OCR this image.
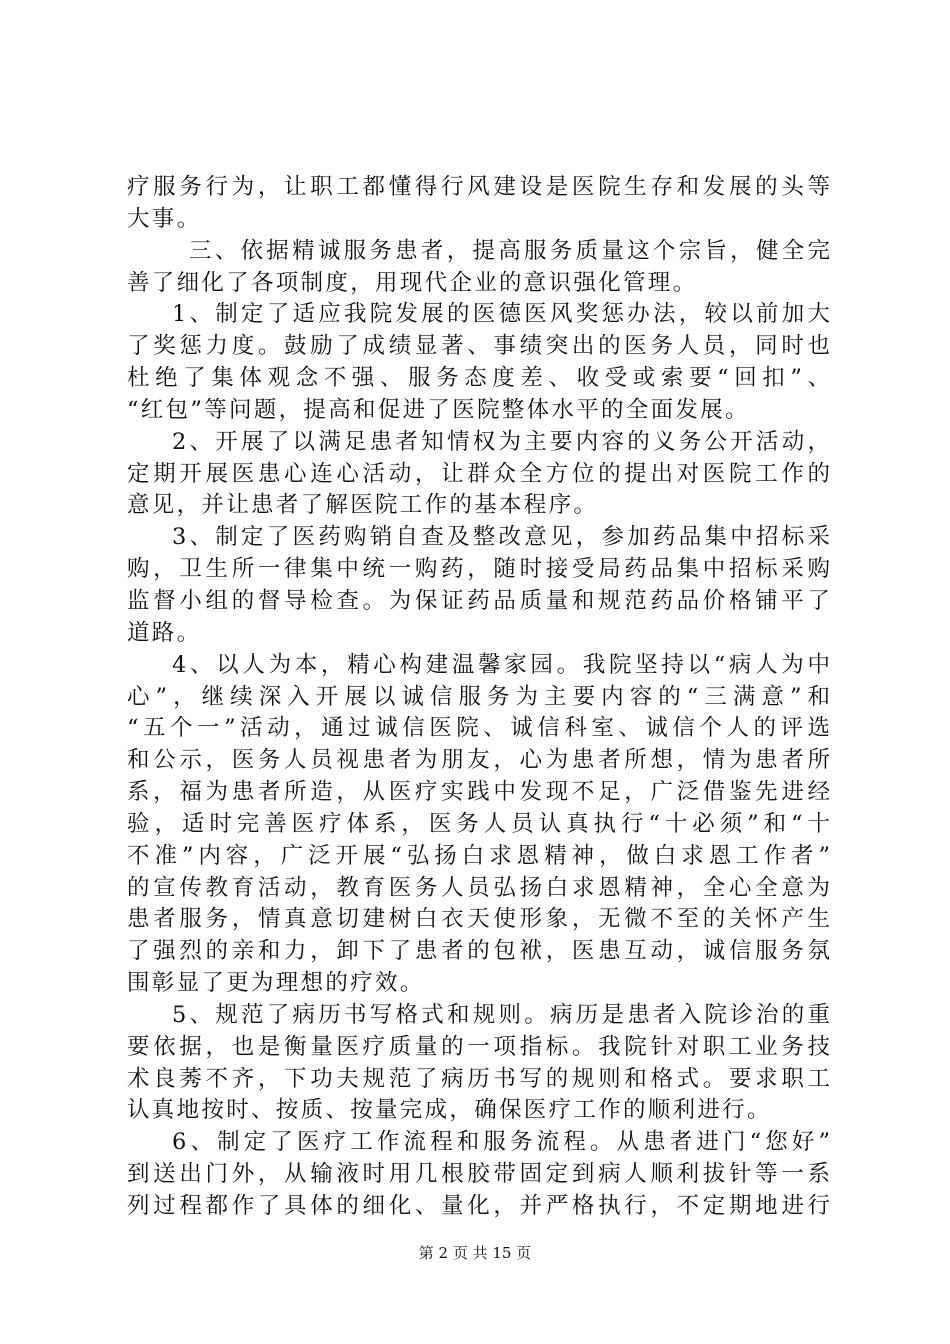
疗服务行为，让职工都懂得行风建设是医院生存和发展的头等
大事。
三、依据精诚服务患者，提高服务质量这个宗旨，健全完
善了细化了各项制度，用现代企业的意识强化管理。
1、制定了适应我院发展的医德医风奖惩办法，较以前加大
了奖惩力度。鼓励了成绩显著、事绩突出的医务人员，同时也
杜绝了集体观念不强、服务态度差、收受或索要“回扣”、
“红包”等问题，提高和促进了医院整体水平的全面发展。
2、开展了以满足患者知情权为主要内容的义务公开活动，
定期开展医患心连心活动，让群众全方位的提出对医院工作的
意见，并让患者了解医院工作的基本程序。
3、制定了医药购销自查及整改意见，参加药品集中招标采
购，卫生所一律集中统一购药，随时接受局药品集中招标采购
监督小组的督导检查。为保证药品质量和规范药品价格铺平了
道路。
4、以人为本，精心构建温馨家园。我院坚持以“病人为中
心”，继续深入开展以诚信服务为主要内容的“三满意”和
“五个一”活动，通过诚信医院、诚信科室、诚信个人的评选
和公示，医务人员视患者为朋友，心为患者所想，情为患者所
系，福为患者所造，从医疗实践中发现不足，广泛借鉴先进经
验，适时完善医疗体系，医务人员认真执行“十必须”和“十
不准”内容，广泛开展“弘扬白求恩精神，做白求恩工作者”
的宣传教育活动，教育医务人员弘扬白求恩精神，全心全意为
患者服务，情真意切建树白衣天使形象，无微不至的关怀产生
了强烈的亲和力，卸下了患者的包袱，医患互动，诚信服务氛
围彰显了更为理想的疗效。
5、规范了病历书写格式和规则。病历是患者入院诊治的重
要依据，也是衡量医疗质量的一项指标。我院针对职工业务技
术良莠不齐，下功夫规范了病历书写的规则和格式。要求职工
认真地按时、按质、按量完成，确保医疗工作的顺利进行。
6、制定了医疗工作流程和服务流程。从患者进门“您好”
到送出门外，从输液时用几根胶带固定到病人顺利拔针等一系
列过程都作了具体的细化、量化，并严格执行，不定期地进行
第 2 页 共 15 页
